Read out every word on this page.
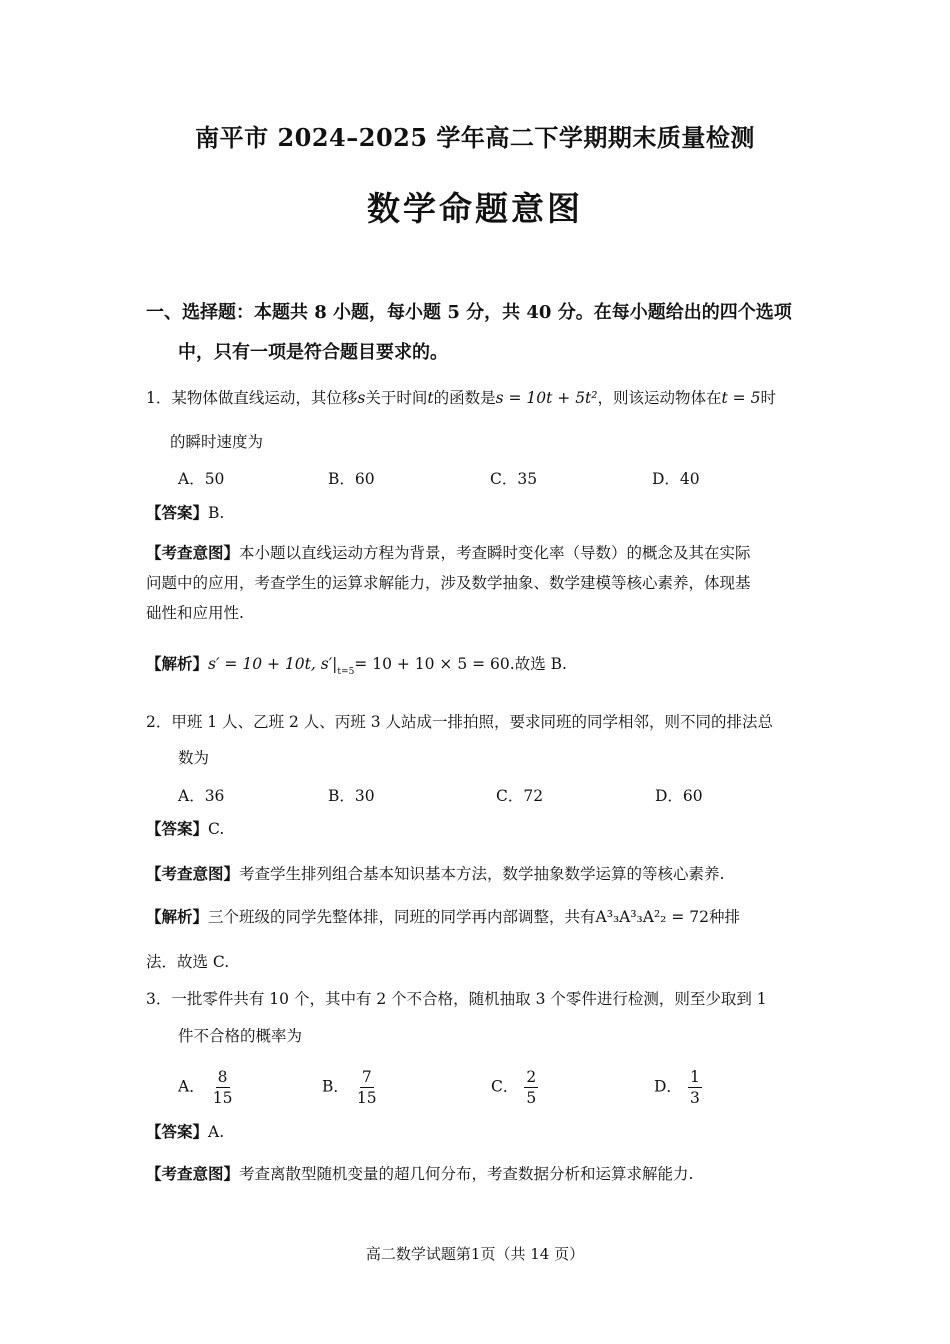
南平市 2024–2025 学年高二下学期期末质量检测
数学命题意图
一、选择题：本题共 8 小题，每小题 5 分，共 40 分。在每小题给出的四个选项
中，只有一项是符合题目要求的。
1．某物体做直线运动，其位移s关于时间t的函数是s = 10t + 5t²，则该运动物体在t = 5时
的瞬时速度为
A．50	B．60	C．35	D．40
【答案】B.
【考查意图】本小题以直线运动方程为背景，考查瞬时变化率（导数）的概念及其在实际
问题中的应用，考查学生的运算求解能力，涉及数学抽象、数学建模等核心素养，体现基
础性和应用性.
【解析】s′ = 10 + 10t, $s'|_{t=5}= 10 + 10 \times 5 = 60$.故选 B.
2．甲班 1 人、乙班 2 人、丙班 3 人站成一排拍照，要求同班的同学相邻，则不同的排法总
数为
A．36	B．30	C．72	D．60
【答案】C.
【考查意图】考查学生排列组合基本知识基本方法，数学抽象数学运算的等核心素养.
【解析】三个班级的同学先整体排，同班的同学再内部调整，共有A³₃A³₃A²₂ = 72种排
法．故选 C.
3．一批零件共有 10 个，其中有 2 个不合格，随机抽取 3 个零件进行检测，则至少取到 1
件不合格的概率为
A． $\frac{8}{15}$	B． $\frac{7}{15}$	C． $\frac{2}{5}$	D． $\frac{1}{3}$
【答案】A.
【考查意图】考查离散型随机变量的超几何分布，考查数据分析和运算求解能力.
高二数学试题第1页（共 14 页）
